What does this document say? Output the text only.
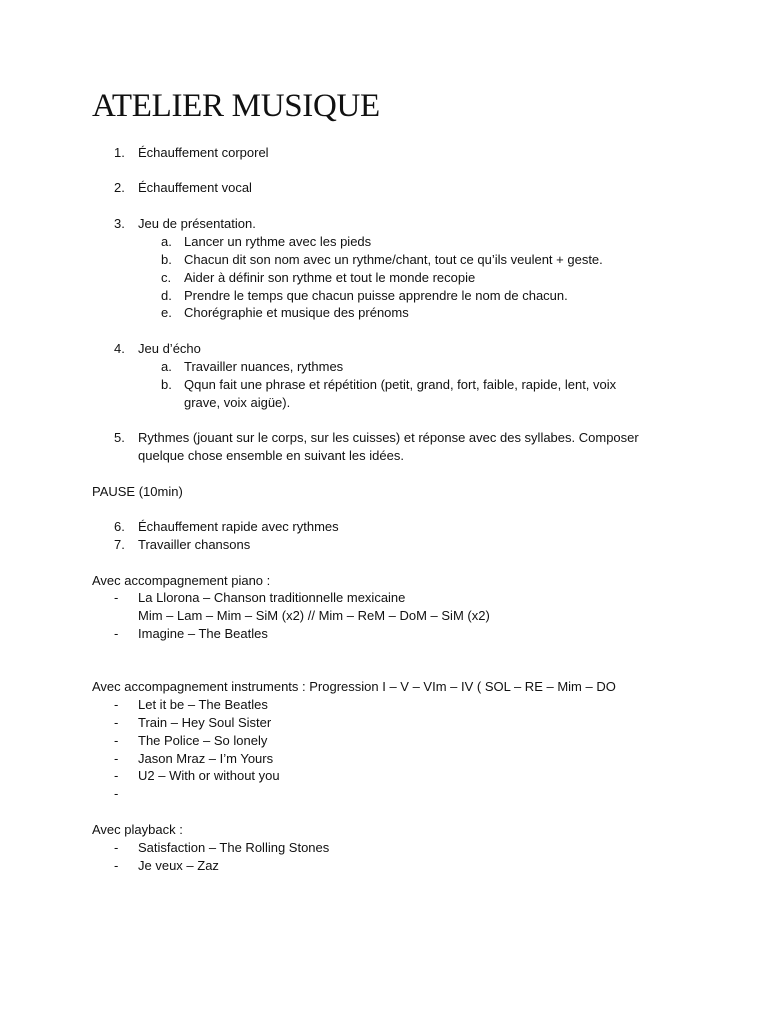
ATELIER MUSIQUE
1. Échauffement corporel
2. Échauffement vocal
3. Jeu de présentation.
a. Lancer un rythme avec les pieds
b. Chacun dit son nom avec un rythme/chant, tout ce qu’ils veulent + geste.
c. Aider à définir son rythme et tout le monde recopie
d. Prendre le temps que chacun puisse apprendre le nom de chacun.
e. Chorégraphie et musique des prénoms
4. Jeu d’écho
a. Travailler nuances, rythmes
b. Qqun fait une phrase et répétition (petit, grand, fort, faible, rapide, lent, voix
grave, voix aigüe).
5. Rythmes (jouant sur le corps, sur les cuisses) et réponse avec des syllabes. Composer
quelque chose ensemble en suivant les idées.
PAUSE (10min)
6. Échauffement rapide avec rythmes
7. Travailler chansons
Avec accompagnement piano :
- La Llorona – Chanson traditionnelle mexicaine
Mim – Lam – Mim – SiM (x2) // Mim – ReM – DoM – SiM (x2)
- Imagine – The Beatles
Avec accompagnement instruments : Progression I – V – VIm – IV ( SOL – RE – Mim – DO
- Let it be – The Beatles
- Train – Hey Soul Sister
- The Police – So lonely
- Jason Mraz – I’m Yours
- U2 – With or without you
-
Avec playback :
- Satisfaction – The Rolling Stones
- Je veux – Zaz
